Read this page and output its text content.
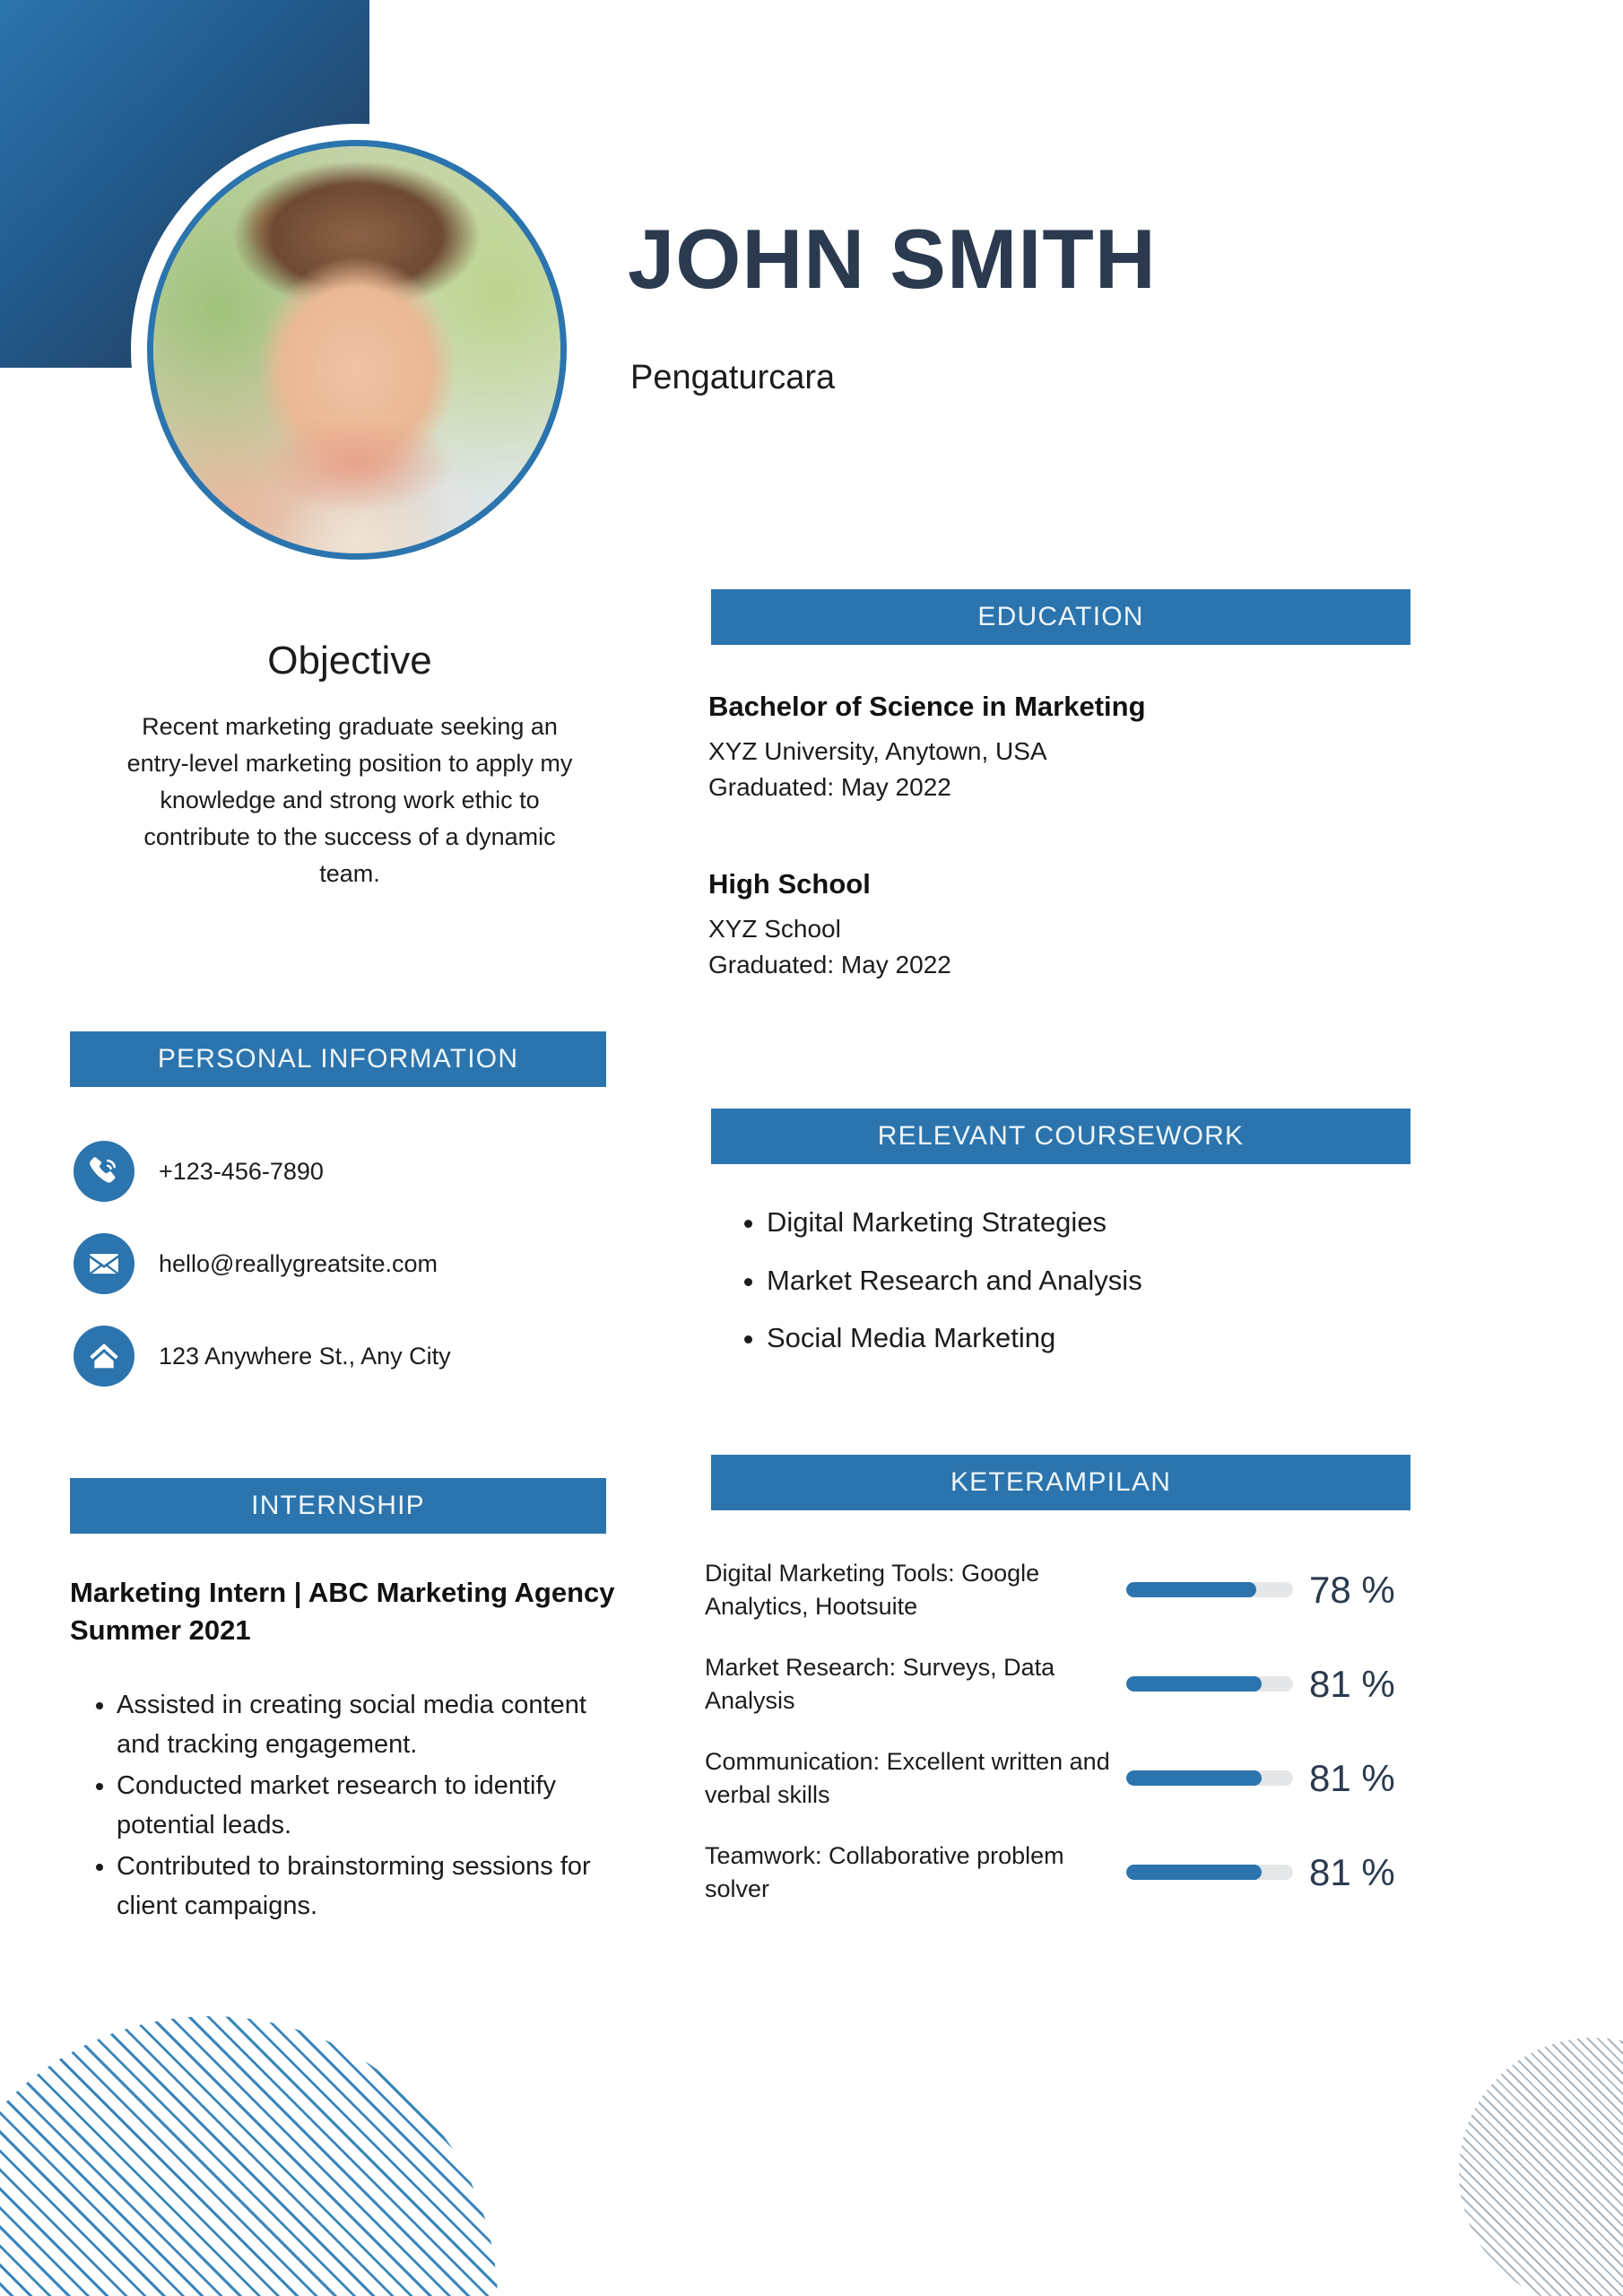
JOHN SMITH
Pengaturcara
Objective
Recent marketing graduate seeking an entry-level marketing position to apply my knowledge and strong work ethic to contribute to the success of a dynamic team.
PERSONAL INFORMATION
+123-456-7890
hello@reallygreatsite.com
123 Anywhere St., Any City
INTERNSHIP
Marketing Intern | ABC Marketing Agency Summer 2021
• Assisted in creating social media content and tracking engagement.
• Conducted market research to identify potential leads.
• Contributed to brainstorming sessions for client campaigns.
EDUCATION
Bachelor of Science in Marketing
XYZ University, Anytown, USA
Graduated: May 2022
High School
XYZ School
Graduated: May 2022
RELEVANT COURSEWORK
• Digital Marketing Strategies
• Market Research and Analysis
• Social Media Marketing
KETERAMPILAN
Digital Marketing Tools: Google Analytics, Hootsuite	78 %
Market Research: Surveys, Data Analysis	81 %
Communication: Excellent written and verbal skills	81 %
Teamwork: Collaborative problem solver	81 %
